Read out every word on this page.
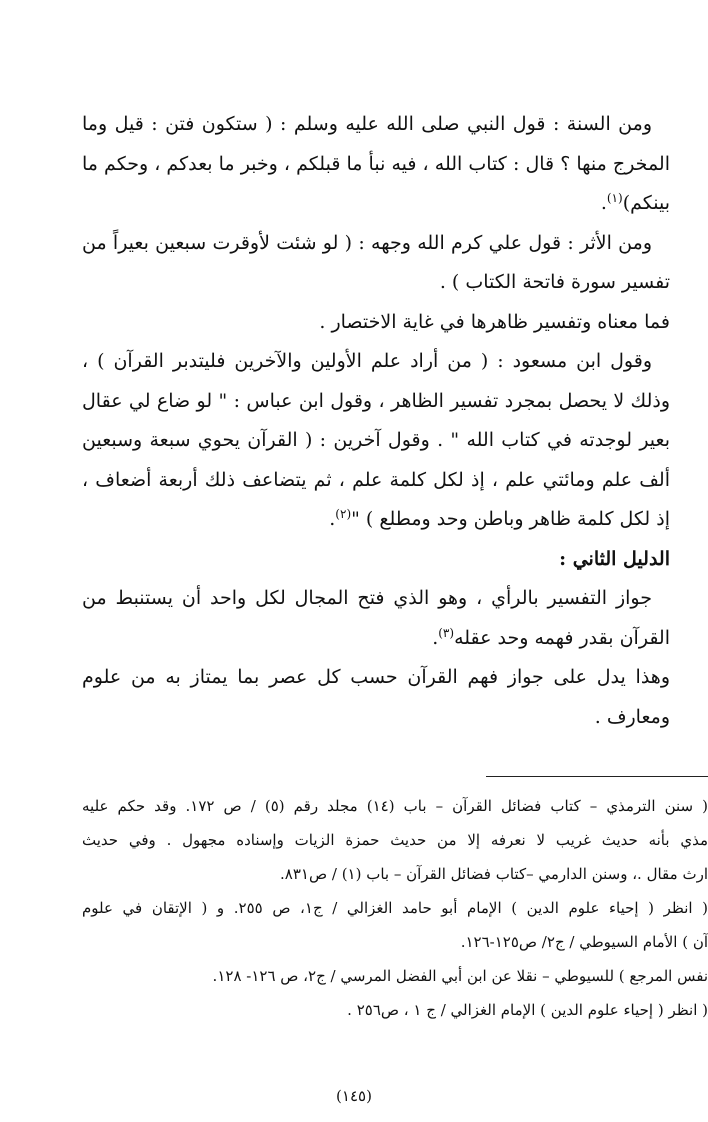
ومن السنة : قول النبي صلى الله عليه وسلم : ( ستكون فتن : قيل وما المخرج منها ؟ قال : كتاب الله ، فيه نبأ ما قبلكم ، وخبر ما بعدكم ، وحكم ما بينكم)$^{(١)}$.

ومن الأثر : قول علي كرم الله وجهه : ( لو شئت لأوقرت سبعين بعيراً من تفسير سورة فاتحة الكتاب ) .

فما معناه وتفسير ظاهرها في غاية الاختصار .

وقول ابن مسعود : ( من أراد علم الأولين والآخرين فليتدبر القرآن ) ، وذلك لا يحصل بمجرد تفسير الظاهر ، وقول ابن عباس : " لو ضاع لي عقال بعير لوجدته في كتاب الله " . وقول آخرين : ( القرآن يحوي سبعة وسبعين ألف علم ومائتي علم ، إذ لكل كلمة علم ، ثم يتضاعف ذلك أربعة أضعاف ، إذ لكل كلمة ظاهر وباطن وحد ومطلع ) "$^{(٢)}$.

الدليل الثاني :

جواز التفسير بالرأي ، وهو الذي فتح المجال لكل واحد أن يستنبط من القرآن بقدر فهمه وحد عقله$^{(٣)}$.

وهذا يدل على جواز فهم القرآن حسب كل عصر بما يمتاز به من علوم ومعارف .

( سنن الترمذي – كتاب فضائل القرآن – باب (١٤) مجلد رقم (٥) / ص ١٧٢. وقد حكم عليه
مذي بأنه حديث غريب لا نعرفه إلا من حديث حمزة الزيات وإسناده مجهول . وفي حديث
ارث مقال .، وسنن الدارمي –كتاب فضائل القرآن – باب (١) / ص٨٣١.
( انظر ( إحياء علوم الدين ) الإمام أبو حامد الغزالي / ج١، ص ٢٥٥. و ( الإتقان في علوم
آن ) الأمام السيوطي / ج٢/ ص١٢٥-١٢٦.
نفس المرجع ) للسيوطي – نقلا عن ابن أبي الفضل المرسي / ج٢، ص ١٢٦- ١٢٨.
( انظر ( إحياء علوم الدين ) الإمام الغزالي / ج ١ ، ص٢٥٦ .
(١٤٥)
